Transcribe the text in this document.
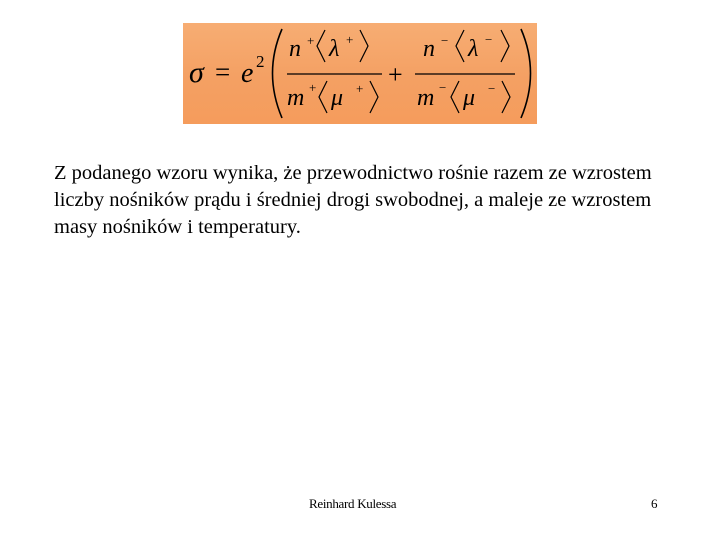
σ = e 2 n + λ +
m + μ + +
n − λ −
m − μ −

Z podanego wzoru wynika, że przewodnictwo rośnie razem ze wzrostem liczby nośników prądu i średniej drogi swobodnej, a maleje ze wzrostem masy nośników i temperatury.

Reinhard Kulessa	6
